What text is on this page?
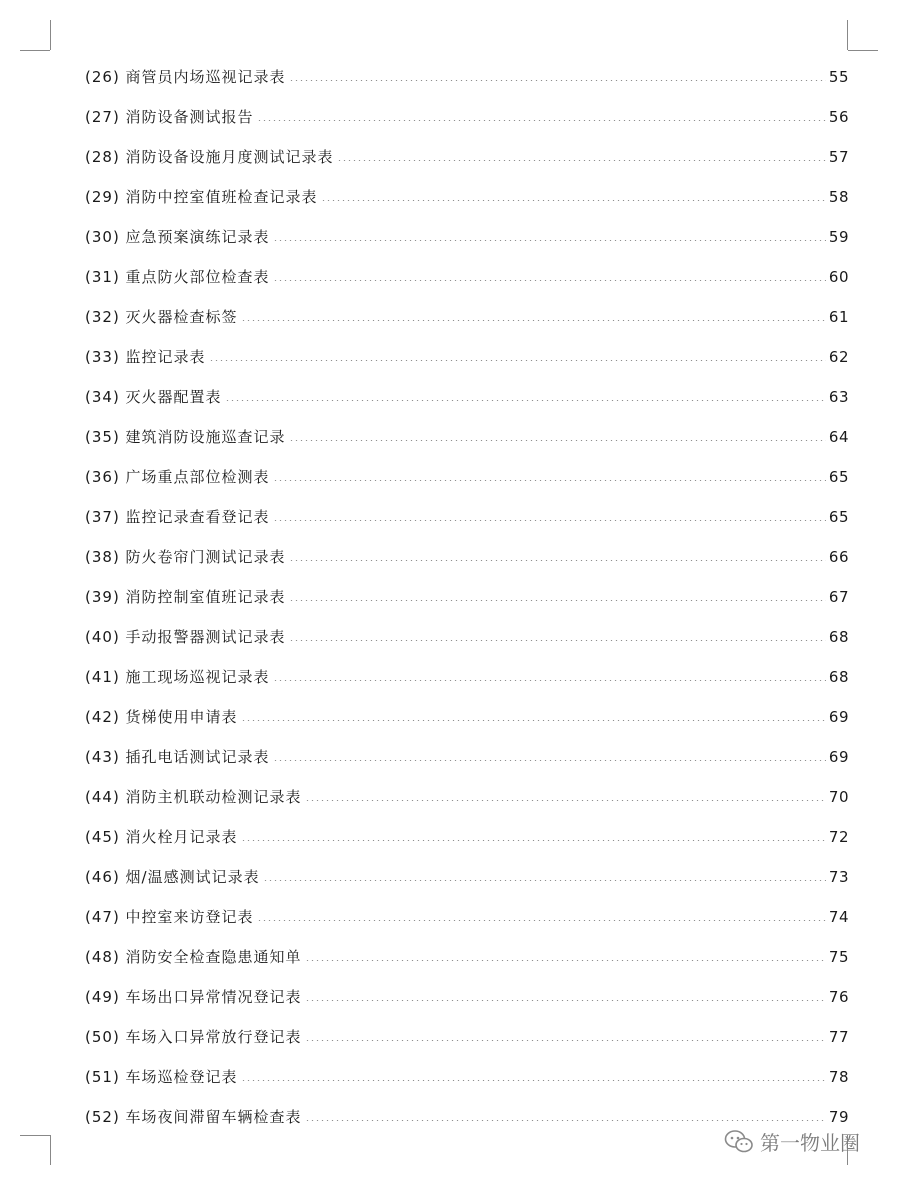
(26) 商管员内场巡视记录表	55
(27) 消防设备测试报告	56
(28) 消防设备设施月度测试记录表	57
(29) 消防中控室值班检查记录表	58
(30) 应急预案演练记录表	59
(31) 重点防火部位检查表	60
(32) 灭火器检查标签	61
(33) 监控记录表	62
(34) 灭火器配置表	63
(35) 建筑消防设施巡查记录	64
(36) 广场重点部位检测表	65
(37) 监控记录查看登记表	65
(38) 防火卷帘门测试记录表	66
(39) 消防控制室值班记录表	67
(40) 手动报警器测试记录表	68
(41) 施工现场巡视记录表	68
(42) 货梯使用申请表	69
(43) 插孔电话测试记录表	69
(44) 消防主机联动检测记录表	70
(45) 消火栓月记录表	72
(46) 烟/温感测试记录表	73
(47) 中控室来访登记表	74
(48) 消防安全检查隐患通知单	75
(49) 车场出口异常情况登记表	76
(50) 车场入口异常放行登记表	77
(51) 车场巡检登记表	78
(52) 车场夜间滞留车辆检查表	79
第一物业圈
